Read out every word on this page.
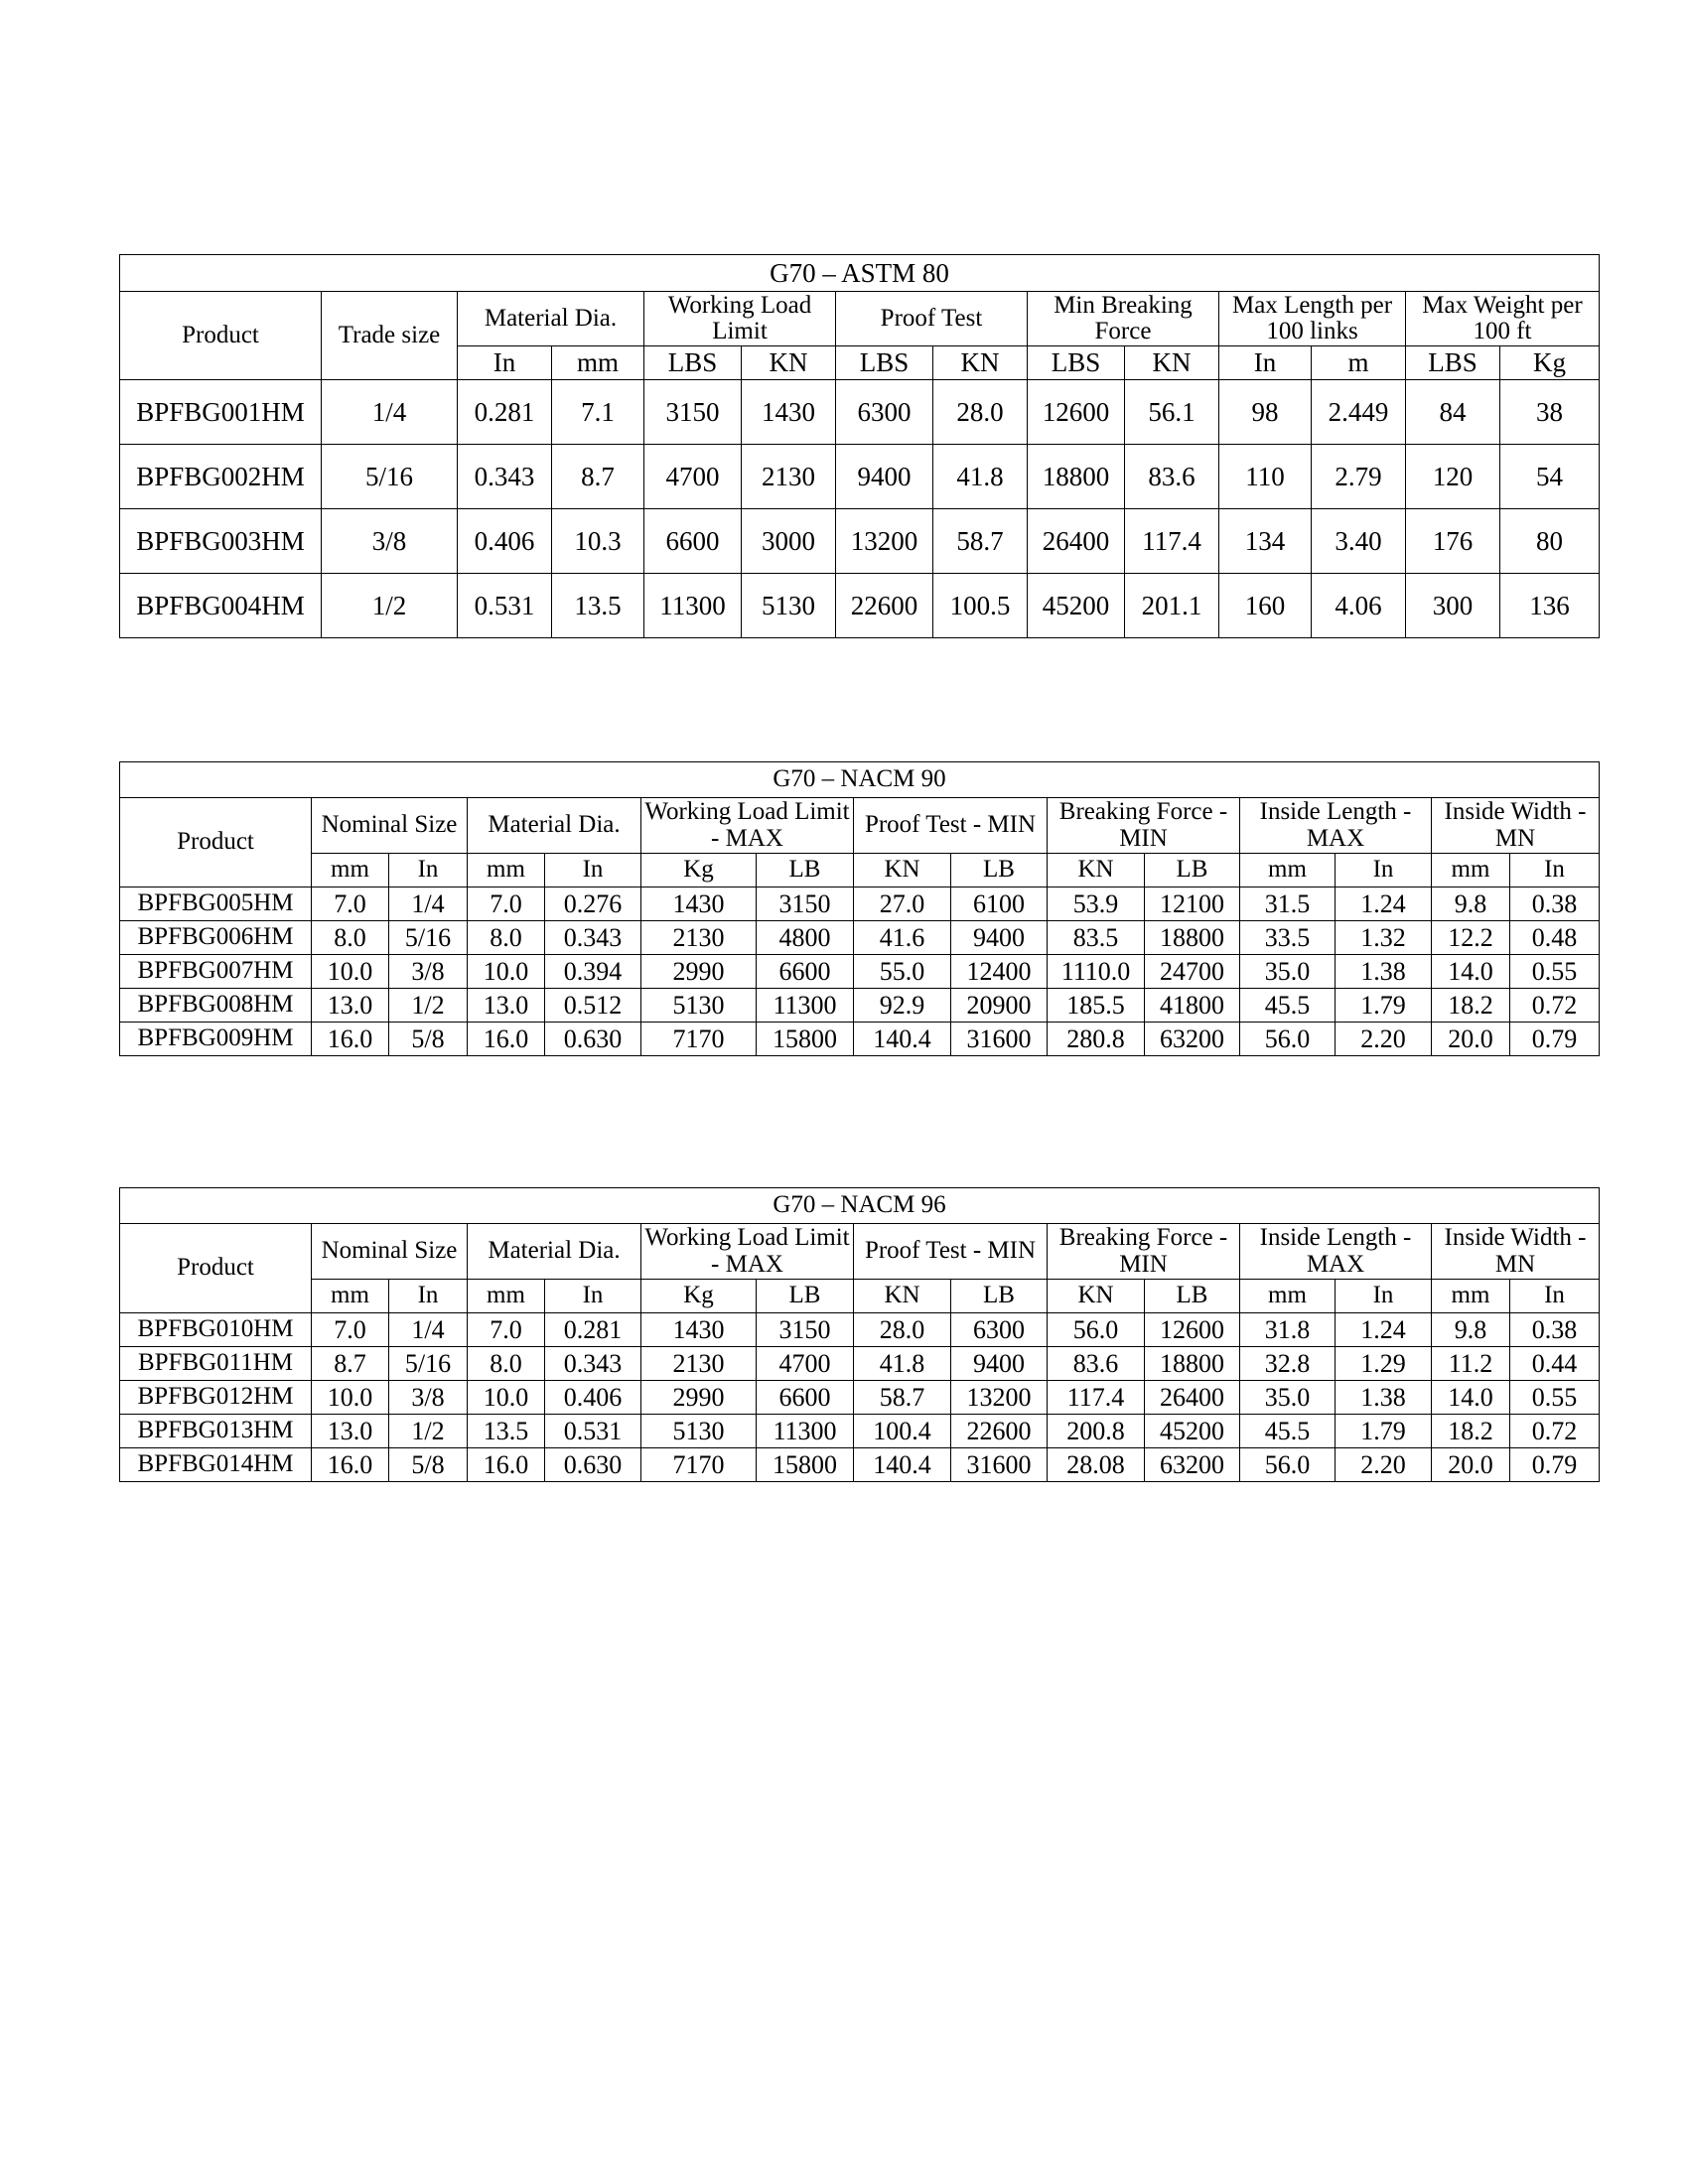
G70 – ASTM 80													
Product	Trade size	Material Dia.		Working Load Limit		Proof Test		Min Breaking Force		Max Length per 100 links		Max Weight per 100 ft	
		In	mm	LBS	KN	LBS	KN	LBS	KN	In	m	LBS	Kg
BPFBG001HM	1/4	0.281	7.1	3150	1430	6300	28.0	12600	56.1	98	2.449	84	38
BPFBG002HM	5/16	0.343	8.7	4700	2130	9400	41.8	18800	83.6	110	2.79	120	54
BPFBG003HM	3/8	0.406	10.3	6600	3000	13200	58.7	26400	117.4	134	3.40	176	80
BPFBG004HM	1/2	0.531	13.5	11300	5130	22600	100.5	45200	201.1	160	4.06	300	136
G70 – NACM 90														
Product	Nominal Size		Material Dia.		Working Load Limit - MAX		Proof Test - MIN		Breaking Force - MIN		Inside Length - MAX		Inside Width - MN	
	mm	In	mm	In	Kg	LB	KN	LB	KN	LB	mm	In	mm	In
BPFBG005HM	7.0	1/4	7.0	0.276	1430	3150	27.0	6100	53.9	12100	31.5	1.24	9.8	0.38
BPFBG006HM	8.0	5/16	8.0	0.343	2130	4800	41.6	9400	83.5	18800	33.5	1.32	12.2	0.48
BPFBG007HM	10.0	3/8	10.0	0.394	2990	6600	55.0	12400	1110.0	24700	35.0	1.38	14.0	0.55
BPFBG008HM	13.0	1/2	13.0	0.512	5130	11300	92.9	20900	185.5	41800	45.5	1.79	18.2	0.72
BPFBG009HM	16.0	5/8	16.0	0.630	7170	15800	140.4	31600	280.8	63200	56.0	2.20	20.0	0.79
G70 – NACM 96														
Product	Nominal Size		Material Dia.		Working Load Limit - MAX		Proof Test - MIN		Breaking Force - MIN		Inside Length - MAX		Inside Width - MN	
	mm	In	mm	In	Kg	LB	KN	LB	KN	LB	mm	In	mm	In
BPFBG010HM	7.0	1/4	7.0	0.281	1430	3150	28.0	6300	56.0	12600	31.8	1.24	9.8	0.38
BPFBG011HM	8.7	5/16	8.0	0.343	2130	4700	41.8	9400	83.6	18800	32.8	1.29	11.2	0.44
BPFBG012HM	10.0	3/8	10.0	0.406	2990	6600	58.7	13200	117.4	26400	35.0	1.38	14.0	0.55
BPFBG013HM	13.0	1/2	13.5	0.531	5130	11300	100.4	22600	200.8	45200	45.5	1.79	18.2	0.72
BPFBG014HM	16.0	5/8	16.0	0.630	7170	15800	140.4	31600	28.08	63200	56.0	2.20	20.0	0.79
